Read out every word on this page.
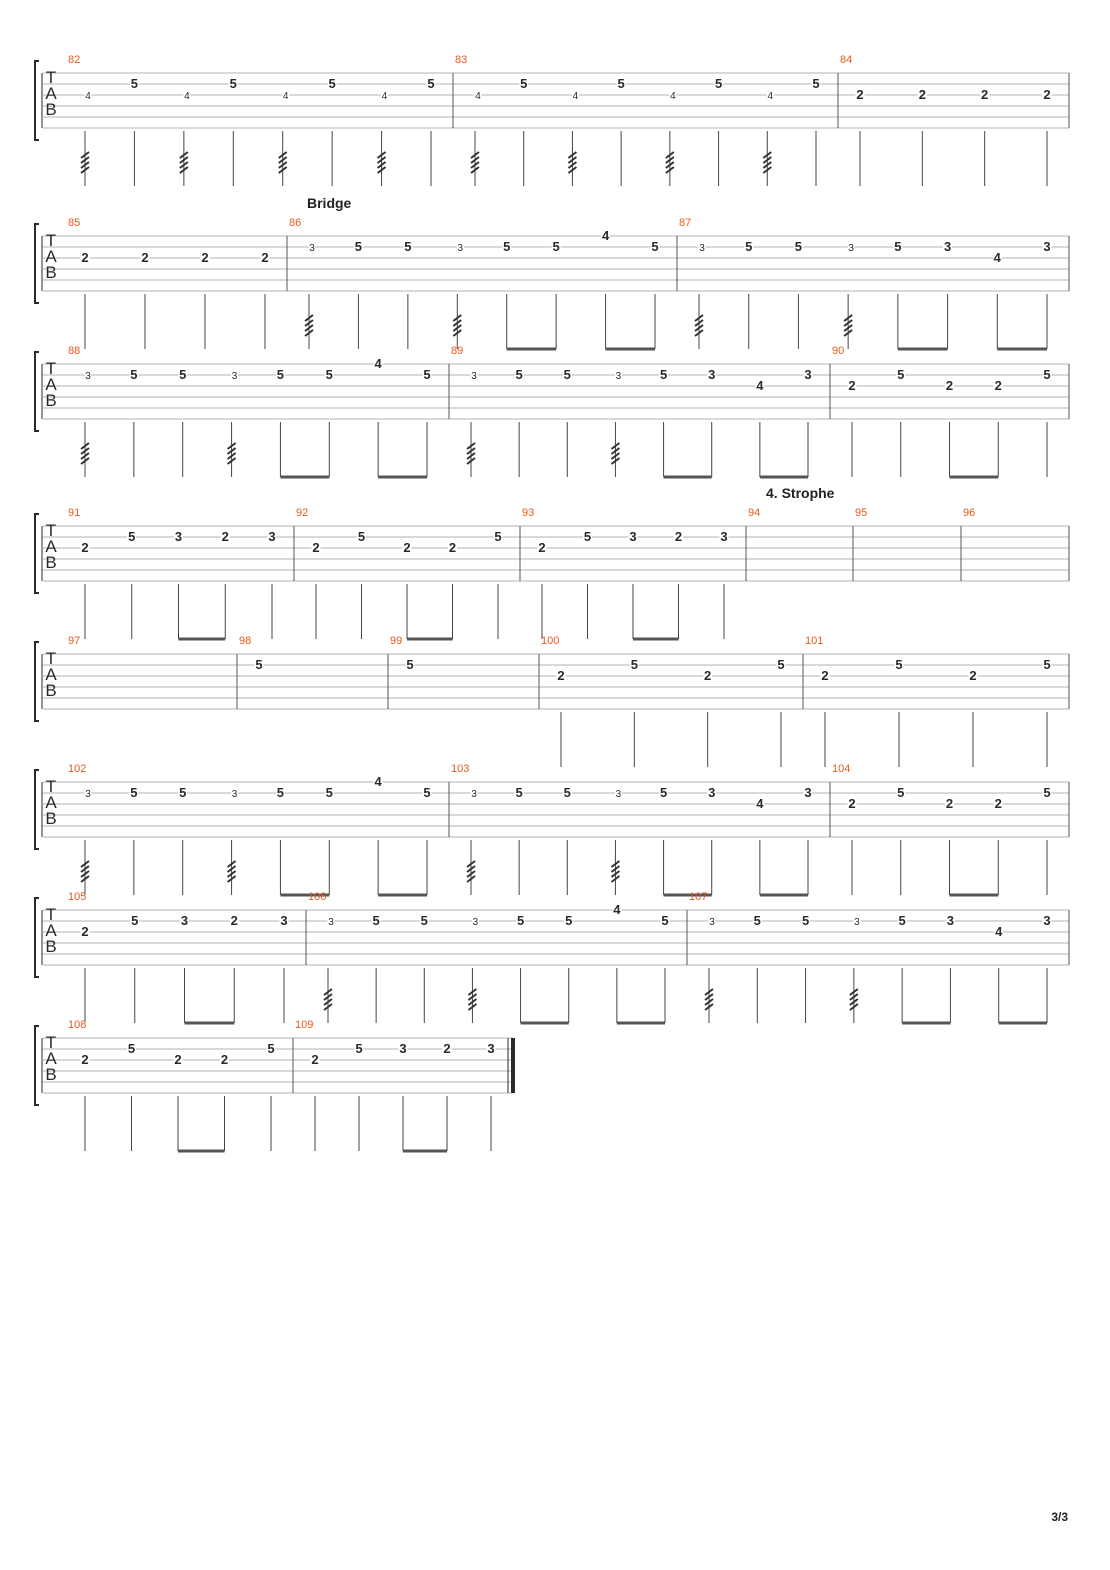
T
A
B
82
4
5
4
5
4
5
4
5
83
4
5
4
5
4
5
4
5
84
2	2	2	2
T
A
B
Bridge
85
2	2	2	2
86
3	5	5	3	5	5
4
5
87
3	5	5	3	5	3
4
3
T
A
B
88
3	5	5	3	5	5
4
5
89
3	5	5	3	5	3
4
3
90
2
5
2	2
5
T
A
B
4. Strophe
91
2
5	3	2	3
92
2
5
2	2
5
93
2
5	3	2	3
94	95	96
T
A
B
97	98
5
99
5
100
2
5
2
5
101
2
5
2
5
T
A
B
102
3	5	5	3	5	5
4
5
103
3	5	5	3	5	3
4
3
104
2
5
2	2
5
T
A
B
105
2
5	3	2	3
106
3	5	5	3	5	5
4
5
107
3	5	5	3	5	3
4
3
T
A
B
108
2
5
2	2
5
109
2
5	3	2	3
3/3
